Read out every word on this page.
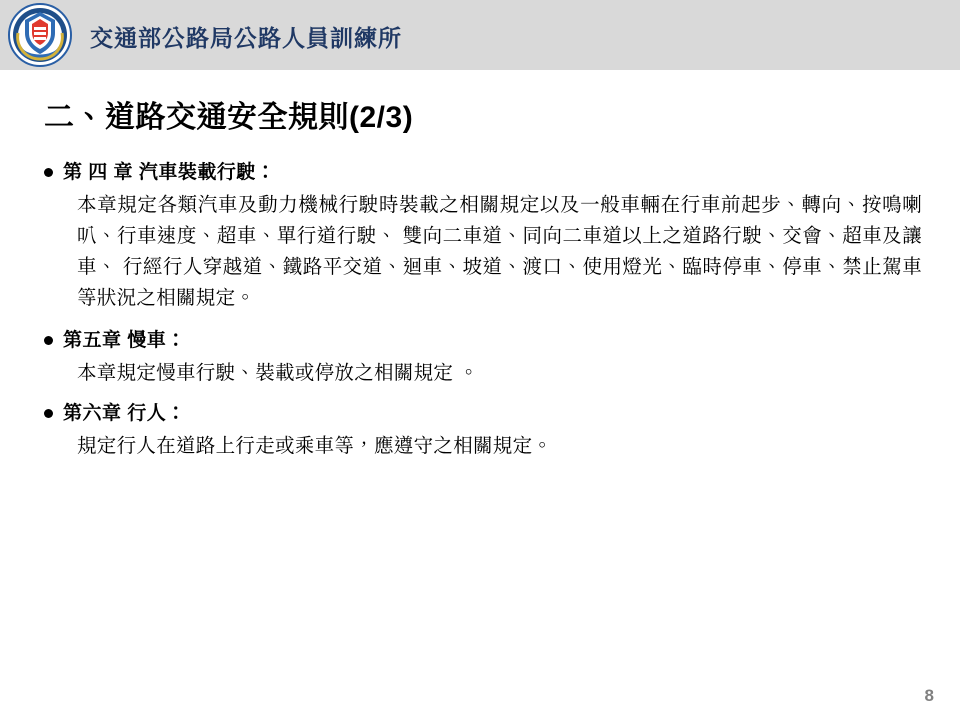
交通部公路局公路人員訓練所
二、道路交通安全規則(2/3)
第 四 章 汽車裝載行駛：
本章規定各類汽車及動力機械行駛時裝載之相關規定以及一般車輛在行車前起步、轉向、按鳴喇叭、行車速度、超車、單行道行駛、 雙向二車道、同向二車道以上之道路行駛、交會、超車及讓車、 行經行人穿越道、鐵路平交道、迴車、坡道、渡口、使用燈光、臨時停車、停車、禁止駕車等狀況之相關規定。
第五章 慢車：
本章規定慢車行駛、裝載或停放之相關規定 。
第六章 行人：
規定行人在道路上行走或乘車等，應遵守之相關規定。
8
